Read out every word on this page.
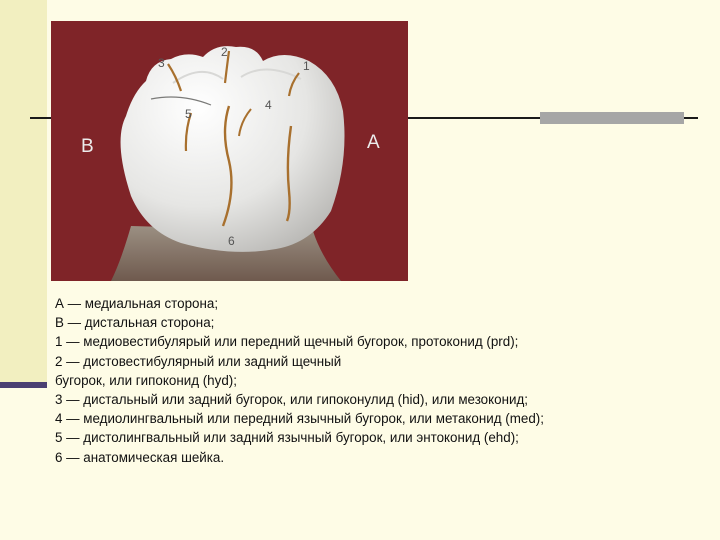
B	A
1
2
3
4
5
6
А — медиальная сторона;
В — дистальная сторона;
1 — медиовестибулярый или передний щечный бугорок, протоконид (prd);
2 — дистовестибулярный или задний щечный
бугорок, или гипоконид (hyd);
3 — дистальный или задний бугорок, или гипоконулид (hid), или мезоконид;
4 — медиолингвальный или передний язычный бугорок, или метаконид (med);
5 — дистолингвальный или задний язычный бугорок, или энтоконид (ehd);
6 — анатомическая шейка.
